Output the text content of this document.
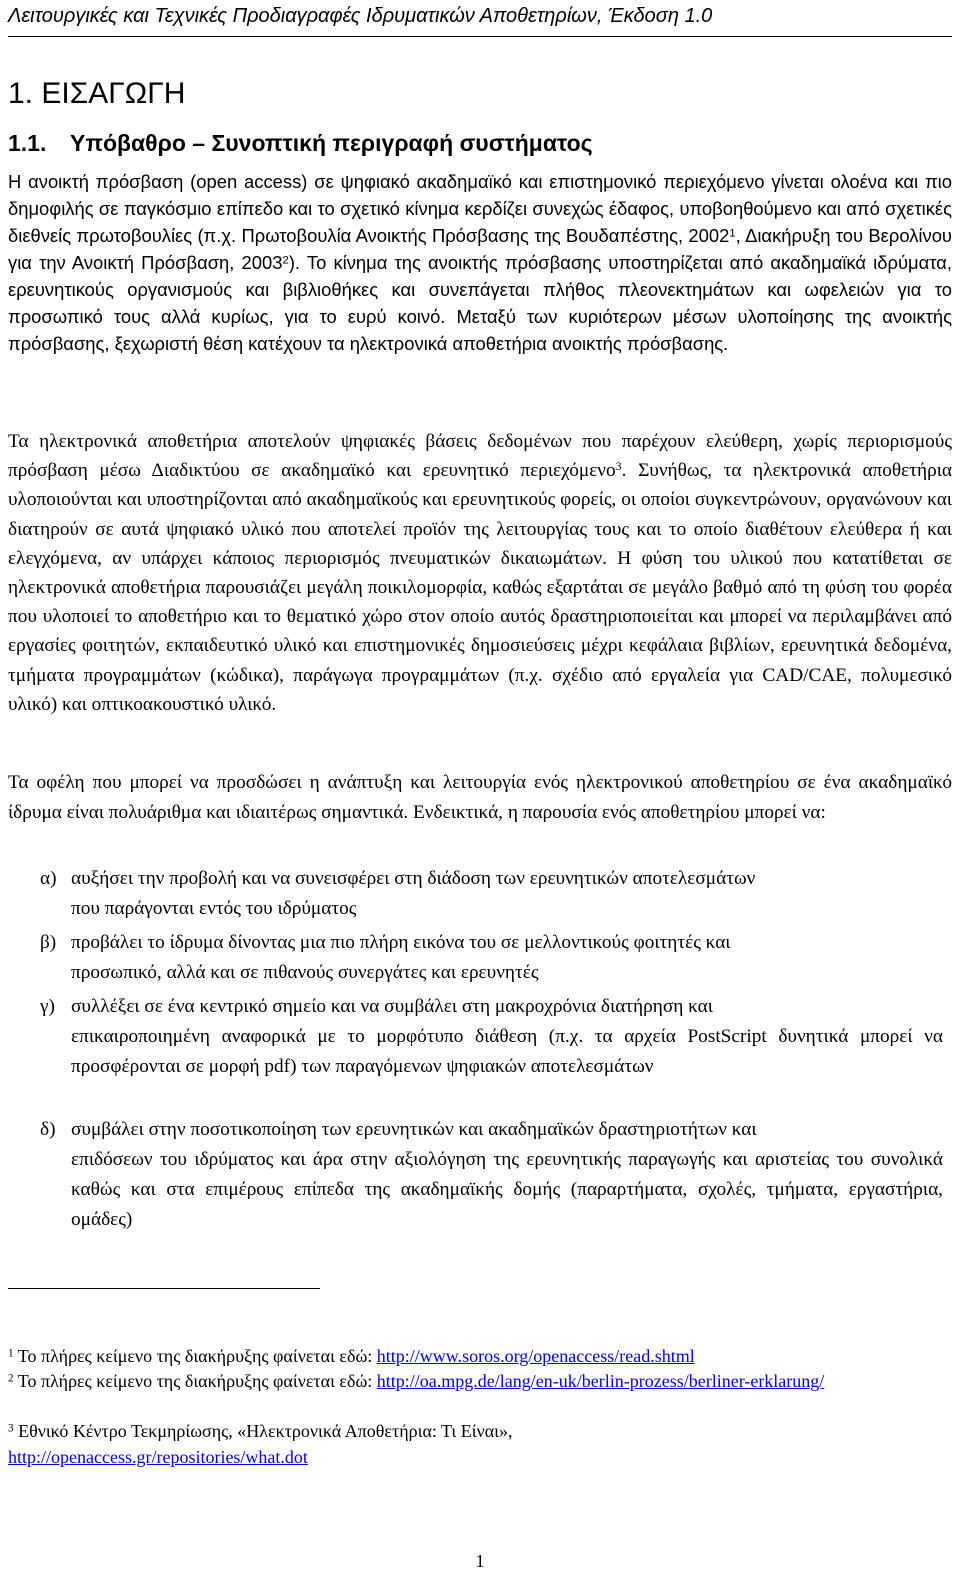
Λειτουργικές και Τεχνικές Προδιαγραφές Ιδρυματικών Αποθετηρίων, Έκδοση 1.0
1. ΕΙΣΑΓΩΓΗ
1.1. Υπόβαθρο – Συνοπτική περιγραφή συστήματος

Η ανοικτή πρόσβαση (open access) σε ψηφιακό ακαδημαϊκό και επιστημονικό περιεχόμενο γίνεται ολοένα και πιο δημοφιλής σε παγκόσμιο επίπεδο και το σχετικό κίνημα κερδίζει συνεχώς έδαφος, υποβοηθούμενο και από σχετικές διεθνείς πρωτοβουλίες (π.χ. Πρωτοβουλία Ανοικτής Πρόσβασης της Βουδαπέστης, 2002$^1$, Διακήρυξη του Βερολίνου για την Ανοικτή Πρόσβαση, 2003$^2$). Το κίνημα της ανοικτής πρόσβασης υποστηρίζεται από ακαδημαϊκά ιδρύματα, ερευνητικούς οργανισμούς και βιβλιοθήκες και συνεπάγεται πλήθος πλεονεκτημάτων και ωφελειών για το προσωπικό τους αλλά κυρίως, για το ευρύ κοινό. Μεταξύ των κυριότερων μέσων υλοποίησης της ανοικτής πρόσβασης, ξεχωριστή θέση κατέχουν τα ηλεκτρονικά αποθετήρια ανοικτής πρόσβασης.

Τα ηλεκτρονικά αποθετήρια αποτελούν ψηφιακές βάσεις δεδομένων που παρέχουν ελεύθερη, χωρίς περιορισμούς πρόσβαση μέσω Διαδικτύου σε ακαδημαϊκό και ερευνητικό περιεχόμενο$^3$. Συνήθως, τα ηλεκτρονικά αποθετήρια υλοποιούνται και υποστηρίζονται από ακαδημαϊκούς και ερευνητικούς φορείς, οι οποίοι συγκεντρώνουν, οργανώνουν και διατηρούν σε αυτά ψηφιακό υλικό που αποτελεί προϊόν της λειτουργίας τους και το οποίο διαθέτουν ελεύθερα ή και ελεγχόμενα, αν υπάρχει κάποιος περιορισμός πνευματικών δικαιωμάτων. Η φύση του υλικού που κατατίθεται σε ηλεκτρονικά αποθετήρια παρουσιάζει μεγάλη ποικιλομορφία, καθώς εξαρτάται σε μεγάλο βαθμό από τη φύση του φορέα που υλοποιεί το αποθετήριο και το θεματικό χώρο στον οποίο αυτός δραστηριοποιείται και μπορεί να περιλαμβάνει από εργασίες φοιτητών, εκπαιδευτικό υλικό και επιστημονικές δημοσιεύσεις μέχρι κεφάλαια βιβλίων, ερευνητικά δεδομένα, τμήματα προγραμμάτων (κώδικα), παράγωγα προγραμμάτων (π.χ. σχέδιο από εργαλεία για CAD/CAE, πολυμεσικό υλικό) και οπτικοακουστικό υλικό.

Τα οφέλη που μπορεί να προσδώσει η ανάπτυξη και λειτουργία ενός ηλεκτρονικού αποθετηρίου σε ένα ακαδημαϊκό ίδρυμα είναι πολυάριθμα και ιδιαιτέρως σημαντικά. Ενδεικτικά, η παρουσία ενός αποθετηρίου μπορεί να:

α) αυξήσει την προβολή και να συνεισφέρει στη διάδοση των ερευνητικών αποτελεσμάτων
που παράγονται εντός του ιδρύματος

β) προβάλει το ίδρυμα δίνοντας μια πιο πλήρη εικόνα του σε μελλοντικούς φοιτητές και
προσωπικό, αλλά και σε πιθανούς συνεργάτες και ερευνητές

γ) συλλέξει σε ένα κεντρικό σημείο και να συμβάλει στη μακροχρόνια διατήρηση και
επικαιροποιημένη αναφορικά με το μορφότυπο διάθεση (π.χ. τα αρχεία PostScript δυνητικά μπορεί να προσφέρονται σε μορφή pdf) των παραγόμενων ψηφιακών αποτελεσμάτων

δ) συμβάλει στην ποσοτικοποίηση των ερευνητικών και ακαδημαϊκών δραστηριοτήτων και
επιδόσεων του ιδρύματος και άρα στην αξιολόγηση της ερευνητικής παραγωγής και αριστείας του συνολικά καθώς και στα επιμέρους επίπεδα της ακαδημαϊκής δομής (παραρτήματα, σχολές, τμήματα, εργαστήρια, ομάδες)

$^1$ Το πλήρες κείμενο της διακήρυξης φαίνεται εδώ: http://www.soros.org/openaccess/read.shtml

$^2$ Το πλήρες κείμενο της διακήρυξης φαίνεται εδώ: http://oa.mpg.de/lang/en-uk/berlin-prozess/berliner-erklarung/

$^3$ Εθνικό Κέντρο Τεκμηρίωσης, «Ηλεκτρονικά Αποθετήρια: Τι Είναι»,
http://openaccess.gr/repositories/what.dot

1
